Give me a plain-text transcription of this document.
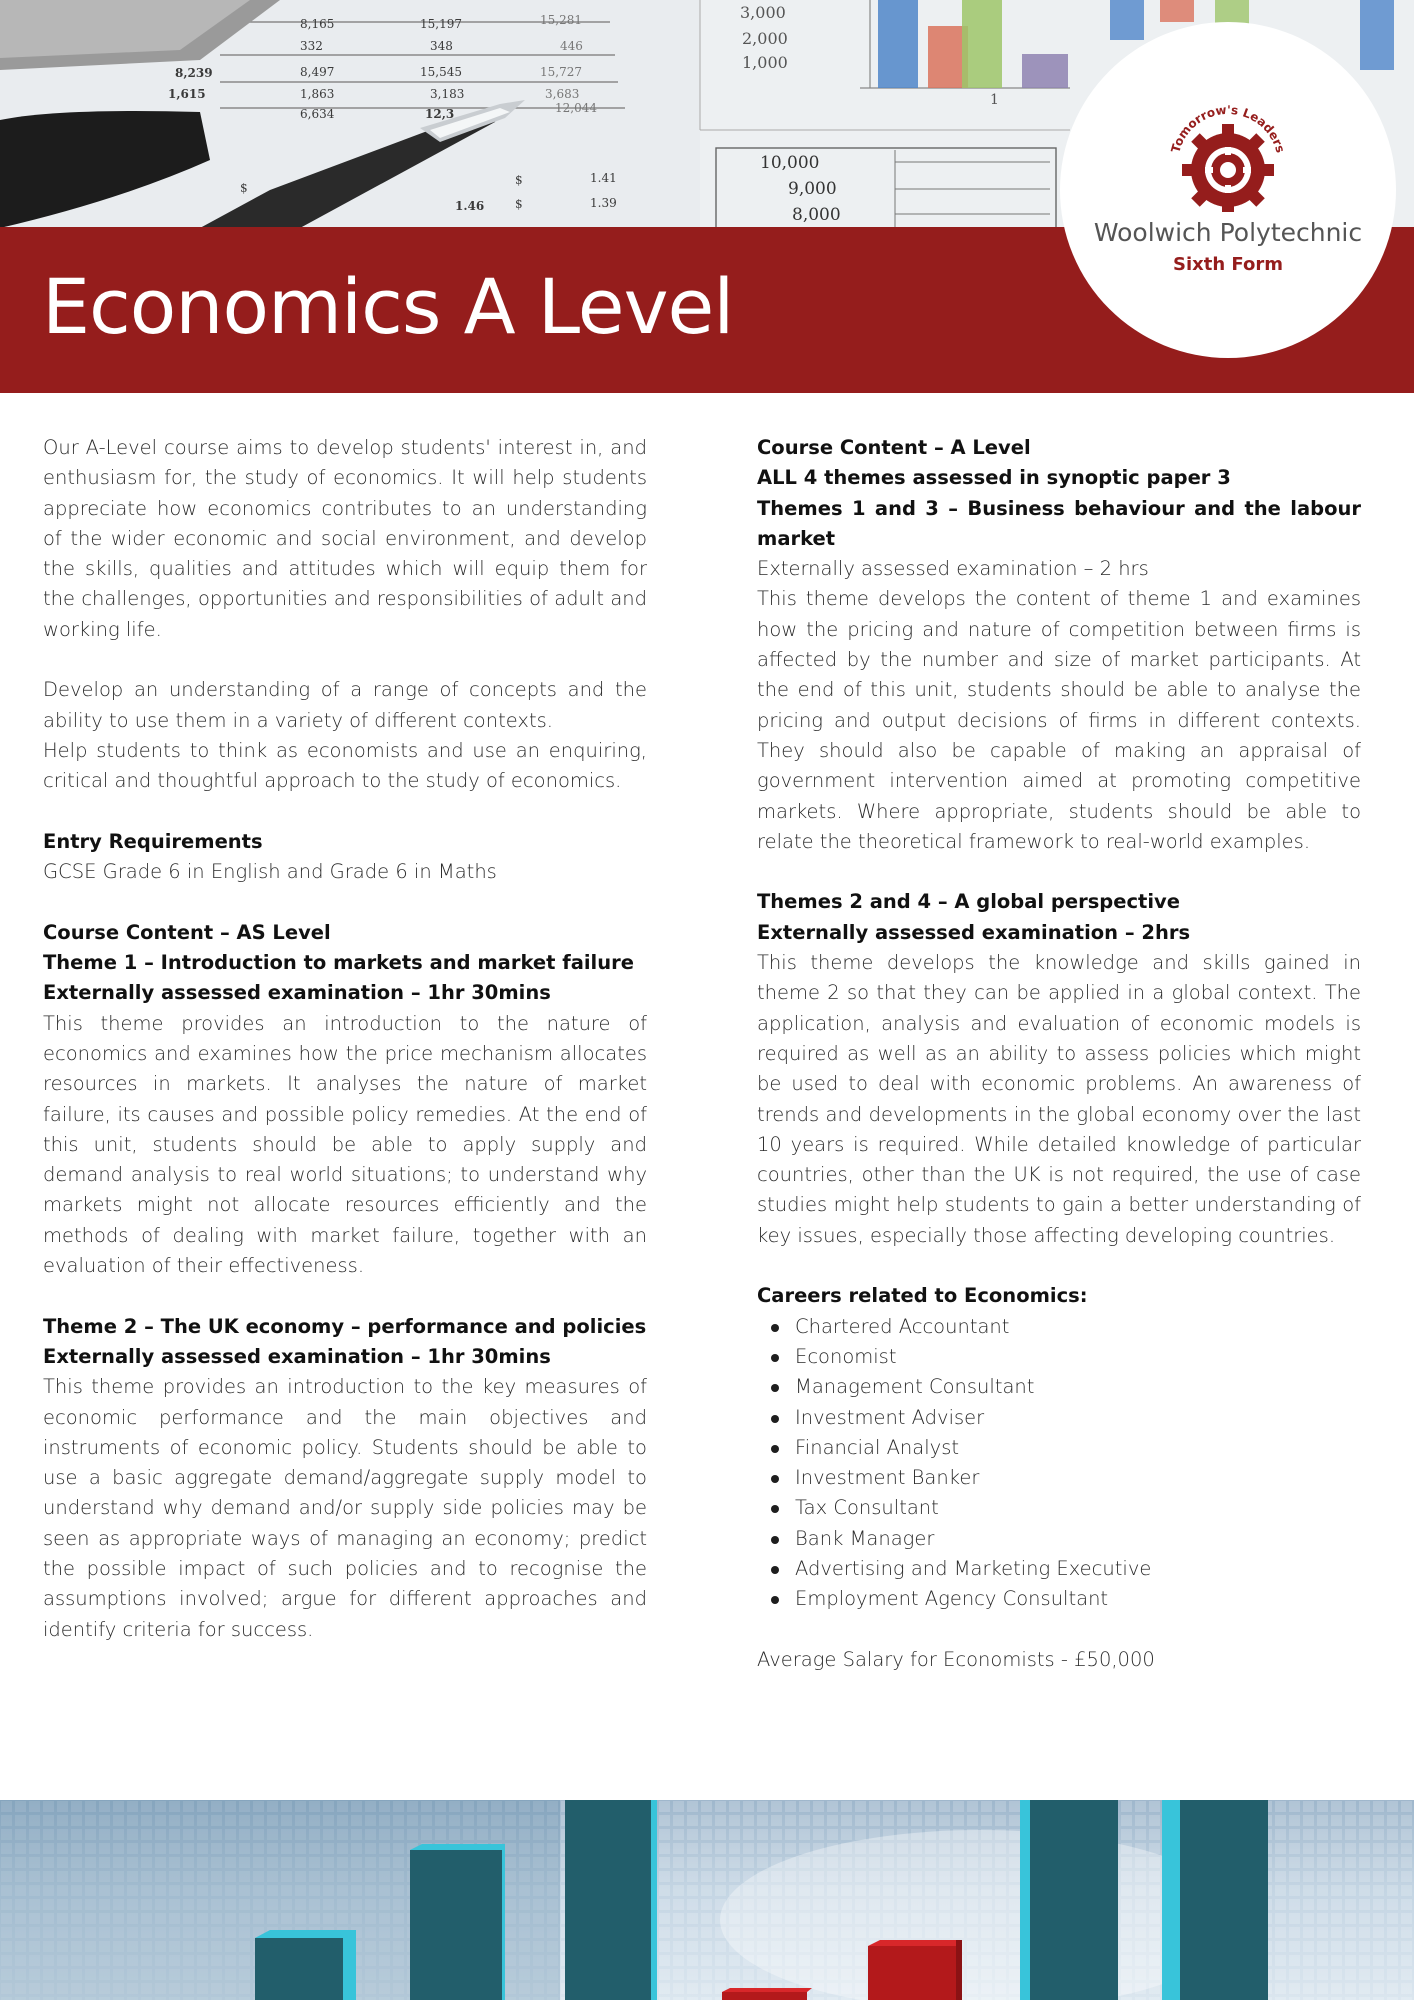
8,239
1,615
8,165
332
8,497
1,863
6,634
15,197
348
15,545
3,183
12,3
15,281
446
15,727
3,683
12,044
1.41
1.39
1.46
$
$
$
3,000
2,000
1,000
1
10,000
9,000
8,000
Economics A Level
Tomorrow's Leaders
Woolwich Polytechnic
Sixth Form

Our A-Level course aims to develop students' interest in, and enthusiasm for, the study of economics. It will help students appreciate how economics contributes to an understanding of the wider economic and social environment, and develop the skills, qualities and attitudes which will equip them for the challenges, opportunities and responsibilities of adult and working life.

Develop an understanding of a range of concepts and the ability to use them in a variety of different contexts.

Help students to think as economists and use an enquiring, critical and thoughtful approach to the study of economics.

Entry Requirements

GCSE Grade 6 in English and Grade 6 in Maths

Course Content – AS Level
Theme 1 – Introduction to markets and market failure
Externally assessed examination – 1hr 30mins

This theme provides an introduction to the nature of economics and examines how the price mechanism allocates resources in markets. It analyses the nature of market failure, its causes and possible policy remedies. At the end of this unit, students should be able to apply supply and demand analysis to real world situations; to understand why markets might not allocate resources efficiently and the methods of dealing with market failure, together with an evaluation of their effectiveness.

Theme 2 – The UK economy – performance and policies
Externally assessed examination – 1hr 30mins

This theme provides an introduction to the key measures of economic performance and the main objectives and instruments of economic policy. Students should be able to use a basic aggregate demand/aggregate supply model to understand why demand and/or supply side policies may be seen as appropriate ways of managing an economy; predict the possible impact of such policies and to recognise the assumptions involved; argue for different approaches and identify criteria for success.

Course Content – A Level
ALL 4 themes assessed in synoptic paper 3
Themes 1 and 3 – Business behaviour and the labour market

Externally assessed examination – 2 hrs

This theme develops the content of theme 1 and examines how the pricing and nature of competition between firms is affected by the number and size of market participants. At the end of this unit, students should be able to analyse the pricing and output decisions of firms in different contexts. They should also be capable of making an appraisal of government intervention aimed at promoting competitive markets. Where appropriate, students should be able to relate the theoretical framework to real-world examples.

Themes 2 and 4 – A global perspective
Externally assessed examination – 2hrs

This theme develops the knowledge and skills gained in theme 2 so that they can be applied in a global context. The application, analysis and evaluation of economic models is required as well as an ability to assess policies which might be used to deal with economic problems. An awareness of trends and developments in the global economy over the last 10 years is required. While detailed knowledge of particular countries, other than the UK is not required, the use of case studies might help students to gain a better understanding of key issues, especially those affecting developing countries.

Careers related to Economics:
Chartered Accountant
Economist
Management Consultant
Investment Adviser
Financial Analyst
Investment Banker
Tax Consultant
Bank Manager
Advertising and Marketing Executive
Employment Agency Consultant

Average Salary for Economists - £50,000
